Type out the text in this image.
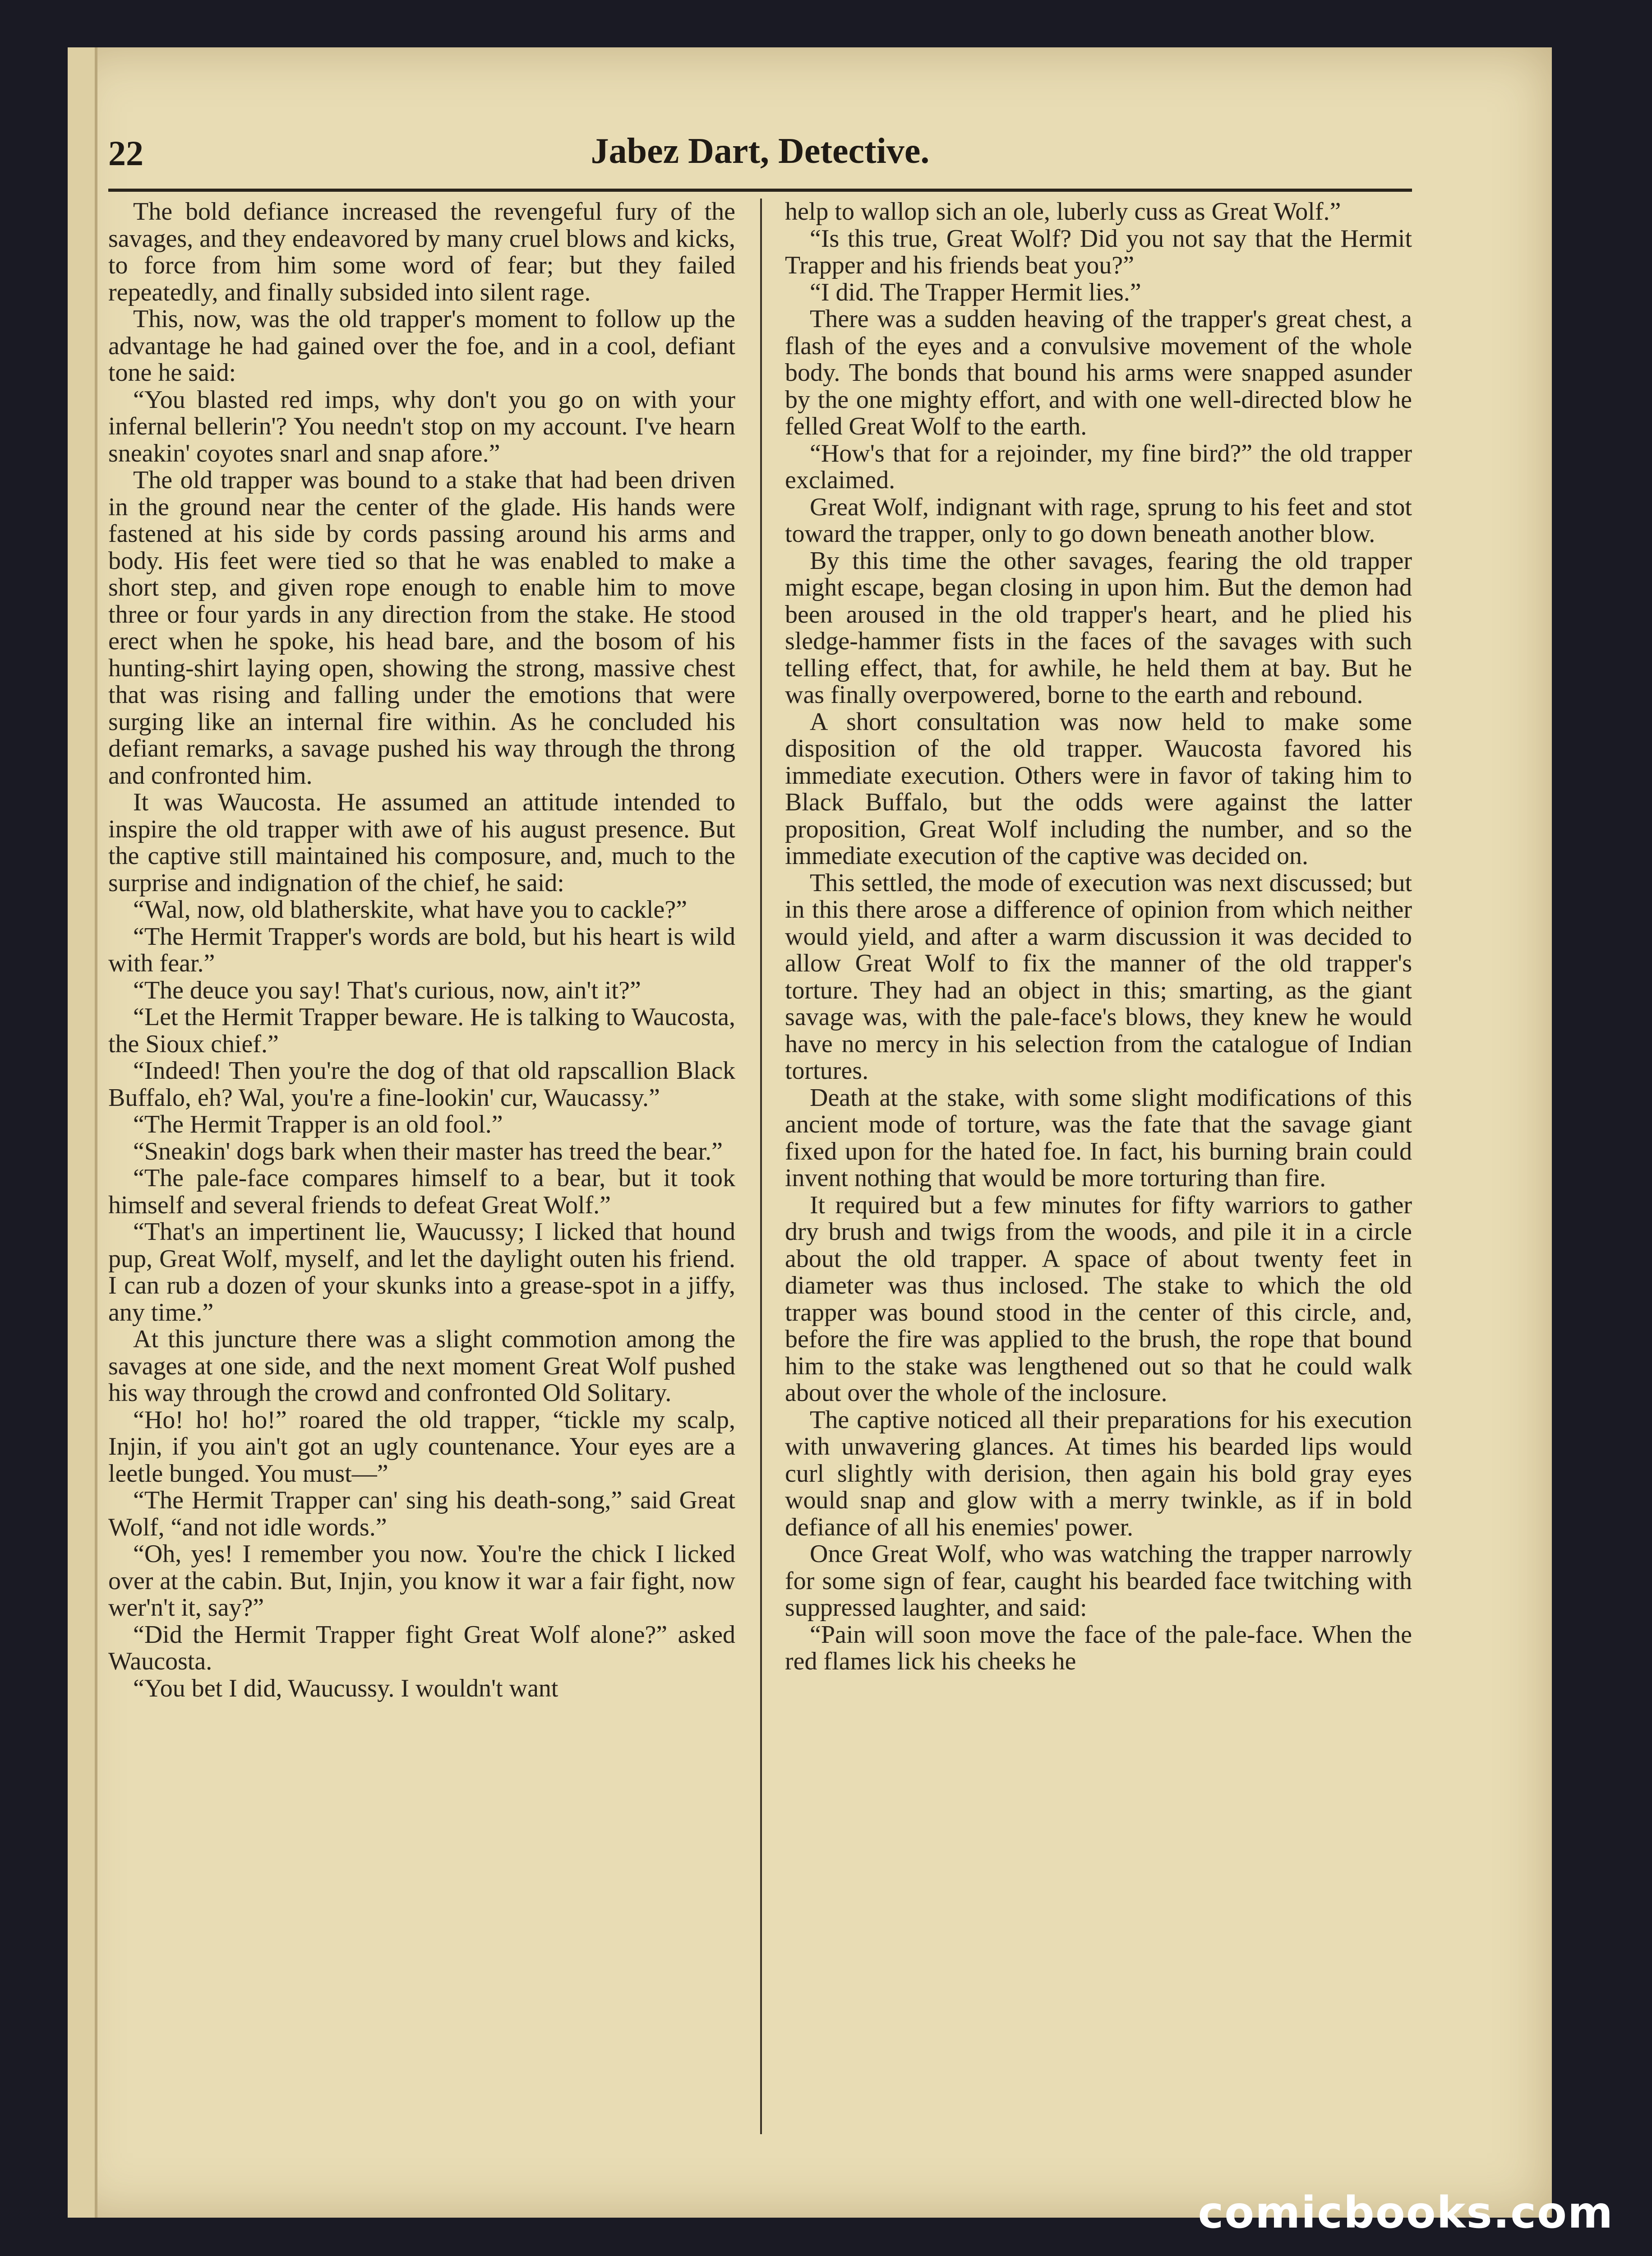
22	Jabez Dart, Detective.

The bold defiance increased the revengeful fury of the savages, and they endeavored by many cruel blows and kicks, to force from him some word of fear; but they failed repeatedly, and finally subsided into silent rage.

This, now, was the old trapper's moment to follow up the advantage he had gained over the foe, and in a cool, defiant tone he said:

“You blasted red imps, why don't you go on with your infernal bellerin'? You needn't stop on my account. I've hearn sneakin' coyotes snarl and snap afore.”

The old trapper was bound to a stake that had been driven in the ground near the center of the glade. His hands were fastened at his side by cords passing around his arms and body. His feet were tied so that he was enabled to make a short step, and given rope enough to enable him to move three or four yards in any direction from the stake. He stood erect when he spoke, his head bare, and the bosom of his hunting-shirt laying open, showing the strong, massive chest that was rising and falling under the emotions that were surging like an internal fire within. As he concluded his defiant remarks, a savage pushed his way through the throng and confronted him.

It was Waucosta. He assumed an attitude intended to inspire the old trapper with awe of his august presence. But the captive still maintained his composure, and, much to the surprise and indignation of the chief, he said:

“Wal, now, old blatherskite, what have you to cackle?”

“The Hermit Trapper's words are bold, but his heart is wild with fear.”

“The deuce you say! That's curious, now, ain't it?”

“Let the Hermit Trapper beware. He is talking to Waucosta, the Sioux chief.”

“Indeed! Then you're the dog of that old rapscallion Black Buffalo, eh? Wal, you're a fine-lookin' cur, Waucassy.”

“The Hermit Trapper is an old fool.”

“Sneakin' dogs bark when their master has treed the bear.”

“The pale-face compares himself to a bear, but it took himself and several friends to defeat Great Wolf.”

“That's an impertinent lie, Waucussy; I licked that hound pup, Great Wolf, myself, and let the daylight outen his friend. I can rub a dozen of your skunks into a grease-spot in a jiffy, any time.”

At this juncture there was a slight commotion among the savages at one side, and the next moment Great Wolf pushed his way through the crowd and confronted Old Solitary.

“Ho! ho! ho!” roared the old trapper, “tickle my scalp, Injin, if you ain't got an ugly countenance. Your eyes are a leetle bunged. You must—”

“The Hermit Trapper can' sing his death-song,” said Great Wolf, “and not idle words.”

“Oh, yes! I remember you now. You're the chick I licked over at the cabin. But, Injin, you know it war a fair fight, now wer'n't it, say?”

“Did the Hermit Trapper fight Great Wolf alone?” asked Waucosta.

“You bet I did, Waucussy. I wouldn't want

help to wallop sich an ole, luberly cuss as Great Wolf.”

“Is this true, Great Wolf? Did you not say that the Hermit Trapper and his friends beat you?”

“I did. The Trapper Hermit lies.”

There was a sudden heaving of the trapper's great chest, a flash of the eyes and a convulsive movement of the whole body. The bonds that bound his arms were snapped asunder by the one mighty effort, and with one well-directed blow he felled Great Wolf to the earth.

“How's that for a rejoinder, my fine bird?” the old trapper exclaimed.

Great Wolf, indignant with rage, sprung to his feet and stot toward the trapper, only to go down beneath another blow.

By this time the other savages, fearing the old trapper might escape, began closing in upon him. But the demon had been aroused in the old trapper's heart, and he plied his sledge-hammer fists in the faces of the savages with such telling effect, that, for awhile, he held them at bay. But he was finally overpowered, borne to the earth and rebound.

A short consultation was now held to make some disposition of the old trapper. Waucosta favored his immediate execution. Others were in favor of taking him to Black Buffalo, but the odds were against the latter proposition, Great Wolf including the number, and so the immediate execution of the captive was decided on.

This settled, the mode of execution was next discussed; but in this there arose a difference of opinion from which neither would yield, and after a warm discussion it was decided to allow Great Wolf to fix the manner of the old trapper's torture. They had an object in this; smarting, as the giant savage was, with the pale-face's blows, they knew he would have no mercy in his selection from the catalogue of Indian tortures.

Death at the stake, with some slight modifications of this ancient mode of torture, was the fate that the savage giant fixed upon for the hated foe. In fact, his burning brain could invent nothing that would be more torturing than fire.

It required but a few minutes for fifty warriors to gather dry brush and twigs from the woods, and pile it in a circle about the old trapper. A space of about twenty feet in diameter was thus inclosed. The stake to which the old trapper was bound stood in the center of this circle, and, before the fire was applied to the brush, the rope that bound him to the stake was lengthened out so that he could walk about over the whole of the inclosure.

The captive noticed all their preparations for his execution with unwavering glances. At times his bearded lips would curl slightly with derision, then again his bold gray eyes would snap and glow with a merry twinkle, as if in bold defiance of all his enemies' power.

Once Great Wolf, who was watching the trapper narrowly for some sign of fear, caught his bearded face twitching with suppressed laughter, and said:

“Pain will soon move the face of the pale-face. When the red flames lick his cheeks he

comicbooks.com
